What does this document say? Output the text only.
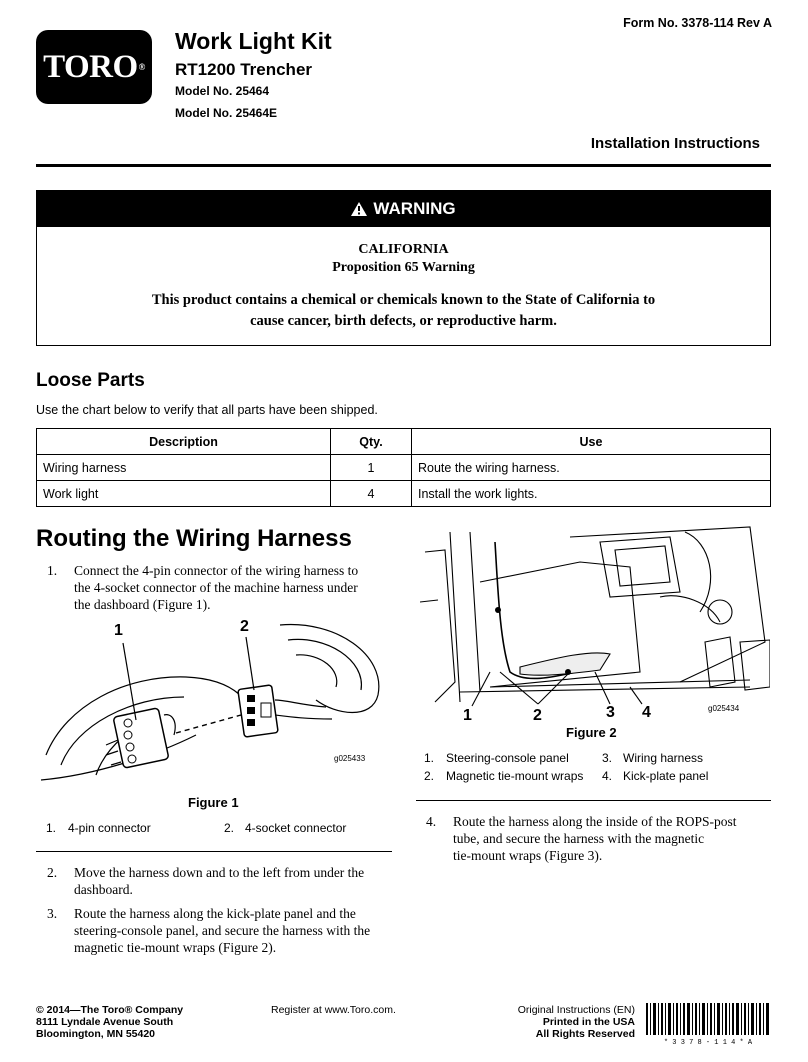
TORO ®
Work Light Kit
RT1200 Trencher
Model No. 25464
Model No. 25464E
Form No. 3378-114 Rev A
Installation Instructions
WARNING
CALIFORNIA
Proposition 65 Warning
This product contains a chemical or chemicals known to the State of California to
cause cancer, birth defects, or reproductive harm.
Loose Parts
Use the chart below to verify that all parts have been shipped.
Description	Qty.	Use
Wiring harness	1	Route the wiring harness.
Work light	4	Install the work lights.
Routing the Wiring Harness
1. Connect the 4-pin connector of the wiring harness to
the 4-socket connector of the machine harness under
the dashboard (Figure 1).
1	2
g025433
Figure 1
1. 4-pin connector	2. 4-socket connector
2. Move the harness down and to the left from under the
dashboard.
3. Route the harness along the kick-plate panel and the
steering-console panel, and secure the harness with the
magnetic tie-mount wraps (Figure 2).
1	2	3 4	g025434
Figure 2
1. Steering-console panel	3. Wiring harness
2. Magnetic tie-mount wraps 4. Kick-plate panel
4. Route the harness along the inside of the ROPS-post
tube, and secure the harness with the magnetic
tie-mount wraps (Figure 3).
© 2014—The Toro® Company
8111 Lyndale Avenue South
Bloomington, MN 55420
Register at www.Toro.com.	Original Instructions (EN)
Printed in the USA
All Rights Reserved
* 3 3 7 8 - 1 1 4 * A
